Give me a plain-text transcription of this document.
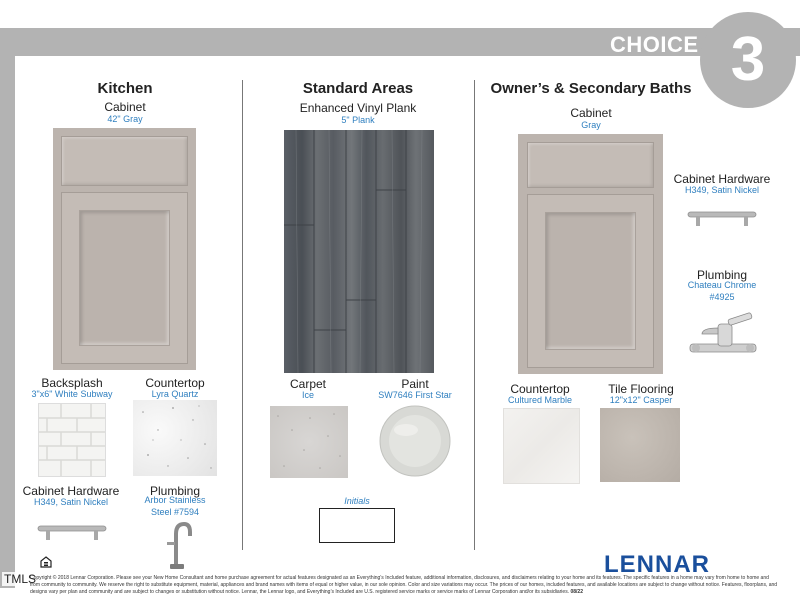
CHOICE 3
Kitchen
Cabinet
42" Gray
Backsplash
3"x6" White Subway
Countertop
Lyra Quartz
Cabinet Hardware
H349, Satin Nickel
Plumbing
Arbor Stainless
Steel #7594
Standard Areas
Enhanced Vinyl Plank
5" Plank
Carpet
Ice
Paint
SW7646 First Star
Initials
Owner’s & Secondary Baths
Cabinet
Gray
Cabinet Hardware
H349, Satin Nickel
Plumbing
Chateau Chrome
#4925
Countertop
Cultured Marble
Tile Flooring
12"x12" Casper
TMLS
Copyright © 2018 Lennar Corporation. Please see your New Home Consultant and home purchase agreement for actual features designated as an Everything’s Included feature, additional information, disclosures, and disclaimers relating to your home and its features. The specific features in a home may vary from home to home and from community to community. We reserve the right to substitute equipment, material, appliances and brand names with items of equal or higher value, in our sole opinion. Color and size variations may occur. The prices of our homes, included features, and available locations are subject to change without notice. Features, floorplans, and designs vary per plan and community and are subject to changes or substitution without notice. Lennar, the Lennar logo, and Everything’s Included are U.S. registered service marks or service marks of Lennar Corporation and/or its subsidiaries. 08/22
LENNAR
